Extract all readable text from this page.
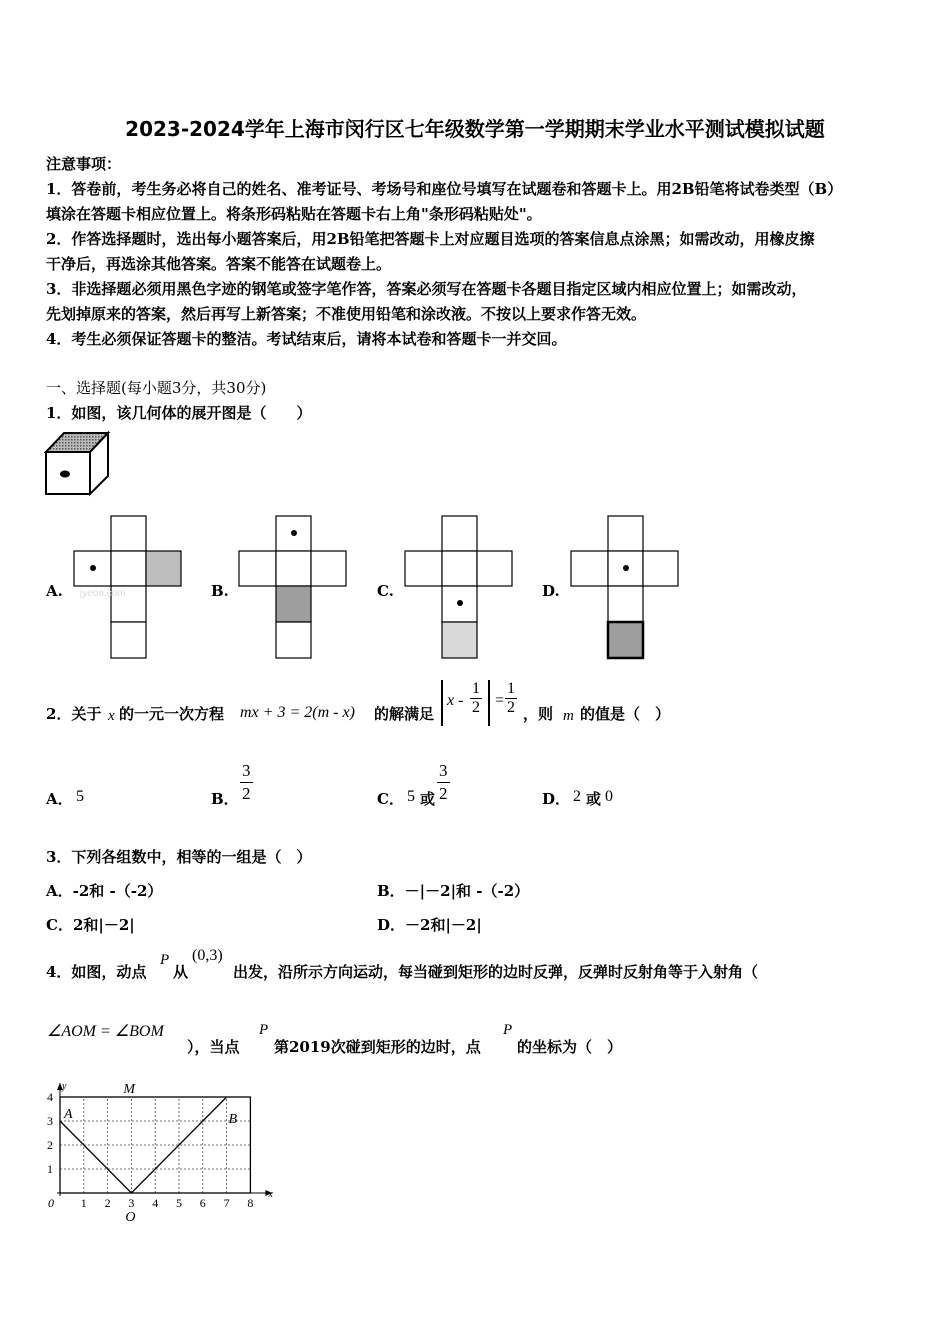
2023-2024学年上海市闵行区七年级数学第一学期期末学业水平测试模拟试题
注意事项：
1．答卷前，考生务必将自己的姓名、准考证号、考场号和座位号填写在试题卷和答题卡上。用2B铅笔将试卷类型（B）
填涂在答题卡相应位置上。将条形码粘贴在答题卡右上角"条形码粘贴处"。
2．作答选择题时，选出每小题答案后，用2B铅笔把答题卡上对应题目选项的答案信息点涂黑；如需改动，用橡皮擦
干净后，再选涂其他答案。答案不能答在试题卷上。
3．非选择题必须用黑色字迹的钢笔或签字笔作答，答案必须写在答题卡各题目指定区域内相应位置上；如需改动，
先划掉原来的答案，然后再写上新答案；不准使用铅笔和涂改液。不按以上要求作答无效。
4．考生必须保证答题卡的整洁。考试结束后，请将本试卷和答题卡一并交回。
一、选择题(每小题3分，共30分)
1．如图，该几何体的展开图是（　　）
A. jyeoo.com	B.	C.	D.
2．关于 x 的一元一次方程 mx + 3 = 2(m - x) 的解满足
$x - \frac{1}{2} = \frac{1}{2}$ ，则 m 的值是（　）
A． 5	B． $\frac{3}{2}$	C． 5 或 $\frac{3}{2}$	D． 2 或 0
3．下列各组数中，相等的一组是（　）
A．-2和 -（-2）	B．－|－2|和 -（-2）
C．2和|－2|	D．－2和|－2|
4．如图，动点
P
从
(0,3)
出发，沿所示方向运动，每当碰到矩形的边时反弹，反弹时反射角等于入射角（
∠AOM = ∠BOM
），当点
P
第2019次碰到矩形的边时，点
P
的坐标为（　）
1 2 3 4 5 6 7 8
1
2
3
4
0
x
y
A	B
M
O
